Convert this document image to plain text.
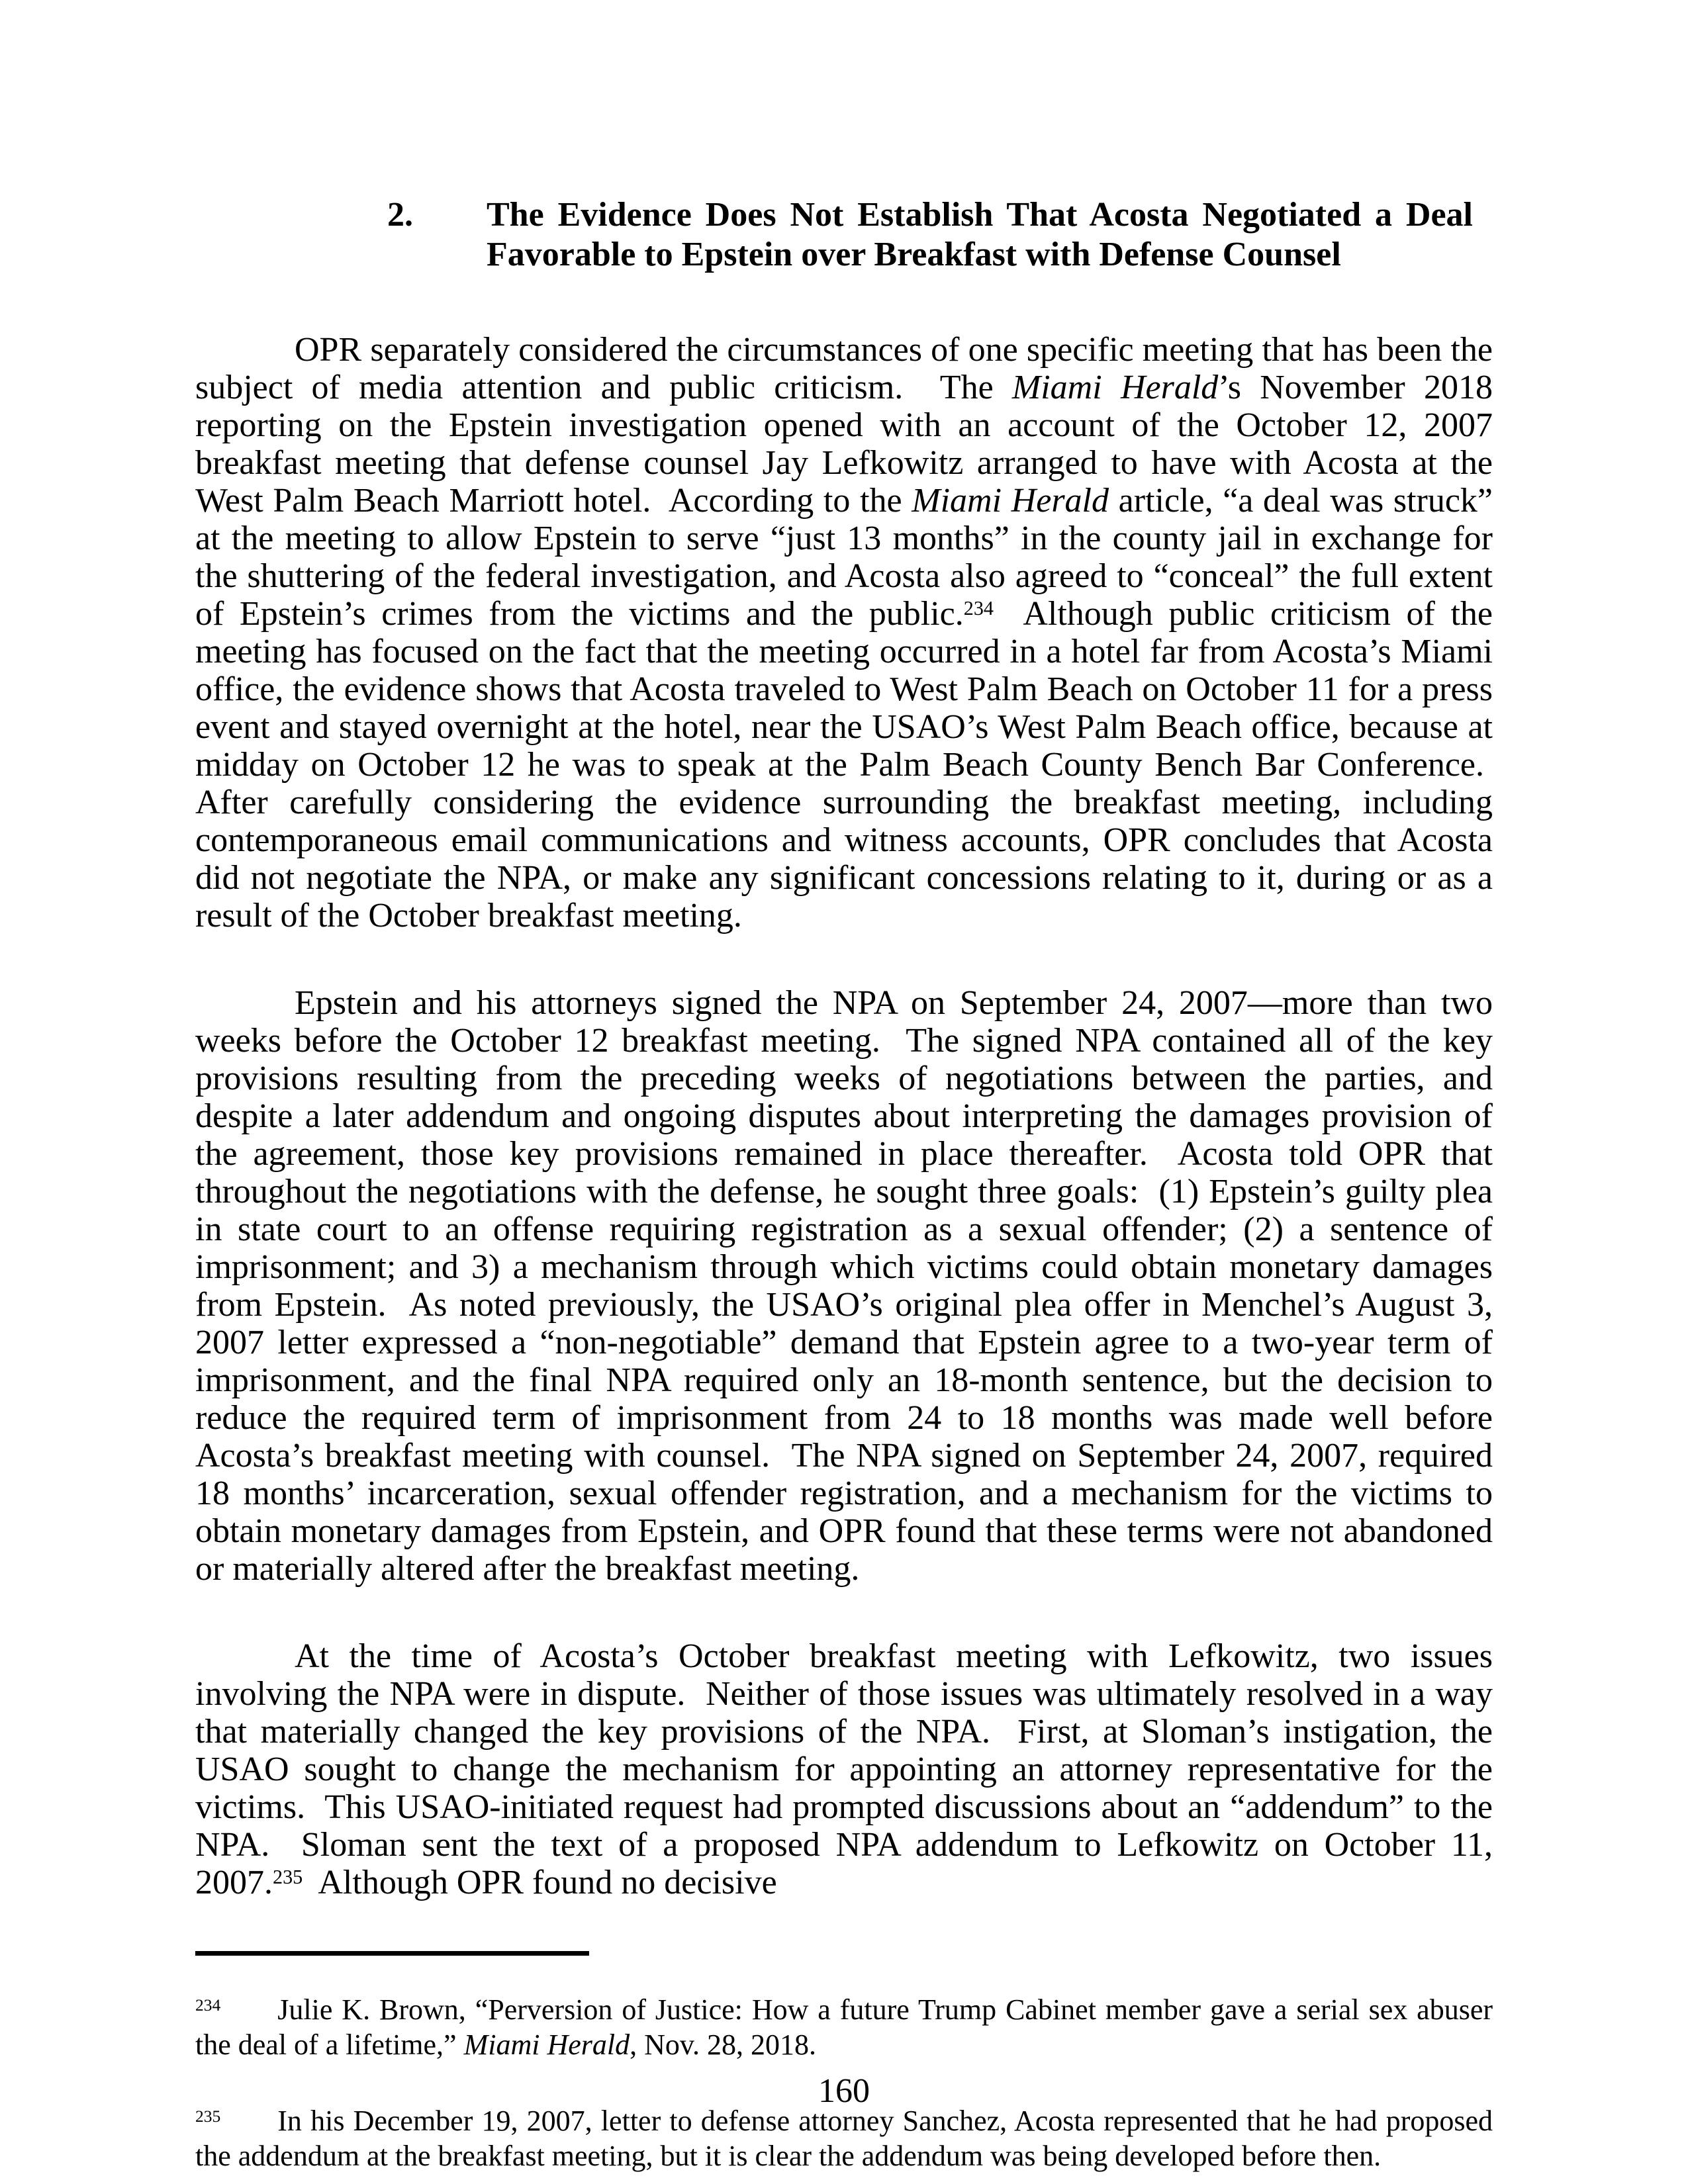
2. The Evidence Does Not Establish That Acosta Negotiated a Deal
Favorable to Epstein over Breakfast with Defense Counsel

OPR separately considered the circumstances of one specific meeting that has been the subject of media attention and public criticism.  The Miami Herald’s November 2018 reporting on the Epstein investigation opened with an account of the October 12, 2007 breakfast meeting that defense counsel Jay Lefkowitz arranged to have with Acosta at the West Palm Beach Marriott hotel.  According to the Miami Herald article, “a deal was struck” at the meeting to allow Epstein to serve “just 13 months” in the county jail in exchange for the shuttering of the federal investigation, and Acosta also agreed to “conceal” the full extent of Epstein’s crimes from the victims and the public.$^{234}$  Although public criticism of the meeting has focused on the fact that the meeting occurred in a hotel far from Acosta’s Miami office, the evidence shows that Acosta traveled to West Palm Beach on October 11 for a press event and stayed overnight at the hotel, near the USAO’s West Palm Beach office, because at midday on October 12 he was to speak at the Palm Beach County Bench Bar Conference.  After carefully considering the evidence surrounding the breakfast meeting, including contemporaneous email communications and witness accounts, OPR concludes that Acosta did not negotiate the NPA, or make any significant concessions relating to it, during or as a result of the October breakfast meeting.

Epstein and his attorneys signed the NPA on September 24, 2007—more than two weeks before the October 12 breakfast meeting.  The signed NPA contained all of the key provisions resulting from the preceding weeks of negotiations between the parties, and despite a later addendum and ongoing disputes about interpreting the damages provision of the agreement, those key provisions remained in place thereafter.  Acosta told OPR that throughout the negotiations with the defense, he sought three goals:  (1) Epstein’s guilty plea in state court to an offense requiring registration as a sexual offender; (2) a sentence of imprisonment; and 3) a mechanism through which victims could obtain monetary damages from Epstein.  As noted previously, the USAO’s original plea offer in Menchel’s August 3, 2007 letter expressed a “non-negotiable” demand that Epstein agree to a two-year term of imprisonment, and the final NPA required only an 18-month sentence, but the decision to reduce the required term of imprisonment from 24 to 18 months was made well before Acosta’s breakfast meeting with counsel.  The NPA signed on September 24, 2007, required 18 months’ incarceration, sexual offender registration, and a mechanism for the victims to obtain monetary damages from Epstein, and OPR found that these terms were not abandoned or materially altered after the breakfast meeting.

At the time of Acosta’s October breakfast meeting with Lefkowitz, two issues involving the NPA were in dispute.  Neither of those issues was ultimately resolved in a way that materially changed the key provisions of the NPA.  First, at Sloman’s instigation, the USAO sought to change the mechanism for appointing an attorney representative for the victims.  This USAO-initiated request had prompted discussions about an “addendum” to the NPA.  Sloman sent the text of a proposed NPA addendum to Lefkowitz on October 11, 2007.$^{235}$  Although OPR found no decisive

$^{234}$ Julie K. Brown, “Perversion of Justice: How a future Trump Cabinet member gave a serial sex abuser the deal of a lifetime,” Miami Herald, Nov. 28, 2018.
$^{235}$ In his December 19, 2007, letter to defense attorney Sanchez, Acosta represented that he had proposed the addendum at the breakfast meeting, but it is clear the addendum was being developed before then.
160
